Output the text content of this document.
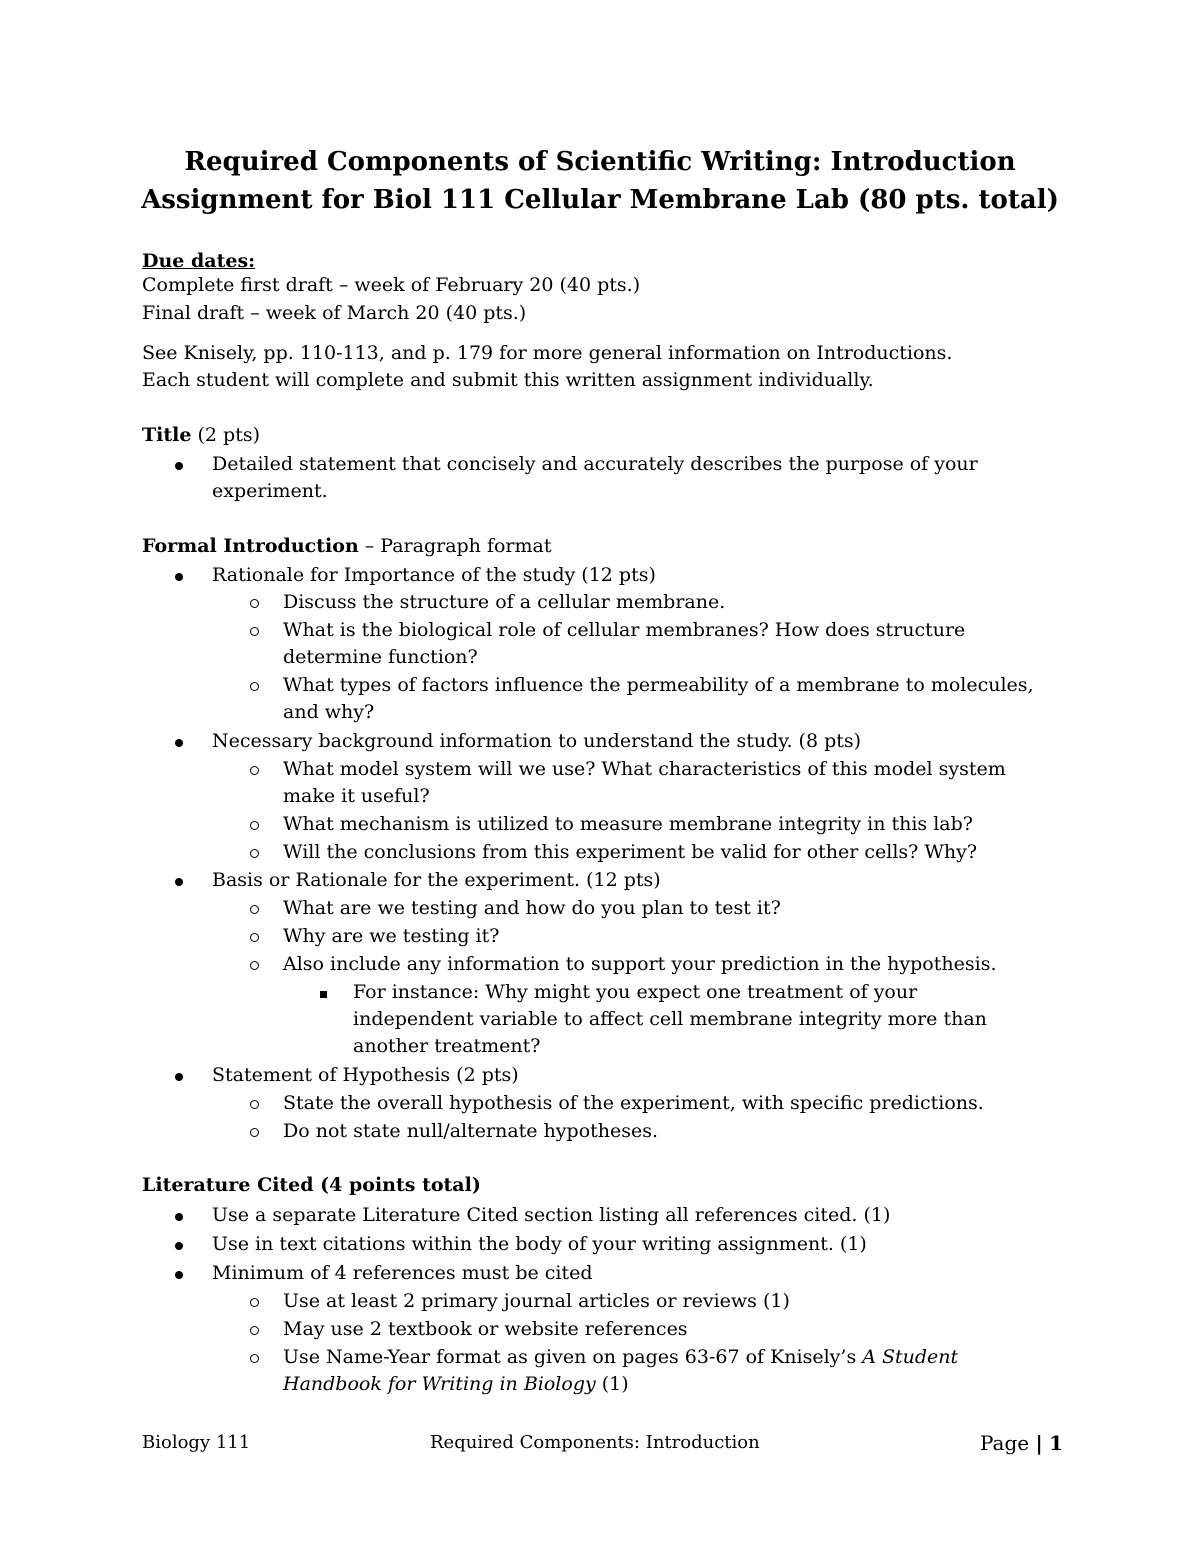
Required Components of Scientific Writing: Introduction
Assignment for Biol 111 Cellular Membrane Lab (80 pts. total)
Due dates:
Complete first draft – week of February 20 (40 pts.)
Final draft – week of March 20 (40 pts.)
See Knisely, pp. 110-113, and p. 179 for more general information on Introductions.
Each student will complete and submit this written assignment individually.
Title (2 pts)
Detailed statement that concisely and accurately describes the purpose of your
experiment.
Formal Introduction – Paragraph format
Rationale for Importance of the study (12 pts)
Discuss the structure of a cellular membrane.
What is the biological role of cellular membranes? How does structure
determine function?
What types of factors influence the permeability of a membrane to molecules,
and why?
Necessary background information to understand the study. (8 pts)
What model system will we use? What characteristics of this model system
make it useful?
What mechanism is utilized to measure membrane integrity in this lab?
Will the conclusions from this experiment be valid for other cells? Why?
Basis or Rationale for the experiment. (12 pts)
What are we testing and how do you plan to test it?
Why are we testing it?
Also include any information to support your prediction in the hypothesis.
For instance: Why might you expect one treatment of your
independent variable to affect cell membrane integrity more than
another treatment?
Statement of Hypothesis (2 pts)
State the overall hypothesis of the experiment, with specific predictions.
Do not state null/alternate hypotheses.
Literature Cited (4 points total)
Use a separate Literature Cited section listing all references cited. (1)
Use in text citations within the body of your writing assignment. (1)
Minimum of 4 references must be cited
Use at least 2 primary journal articles or reviews (1)
May use 2 textbook or website references
Use Name-Year format as given on pages 63-67 of Knisely’s A Student
Handbook for Writing in Biology (1)
Biology 111	Required Components: Introduction	Page | 1
